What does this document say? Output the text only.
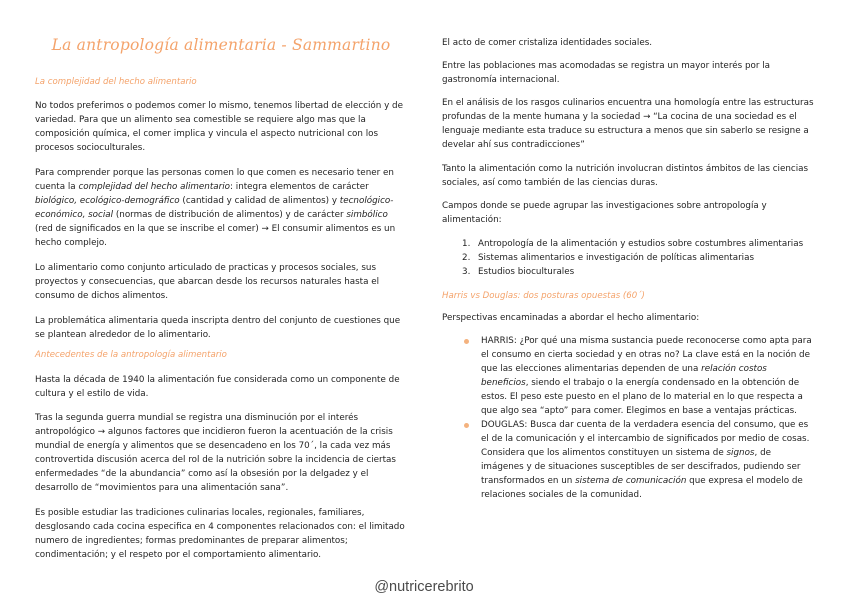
La antropología alimentaria - Sammartino

La complejidad del hecho alimentario

No todos preferimos o podemos comer lo mismo, tenemos libertad de elección y de variedad. Para que un alimento sea comestible se requiere algo mas que la composición química, el comer implica y vincula el aspecto nutricional con los procesos socioculturales.

Para comprender porque las personas comen lo que comen es necesario tener en cuenta la complejidad del hecho alimentario: integra elementos de carácter biológico, ecológico-demográfico (cantidad y calidad de alimentos) y tecnológico-económico, social (normas de distribución de alimentos) y de carácter simbólico (red de significados en la que se inscribe el comer) → El consumir alimentos es un hecho complejo.

Lo alimentario como conjunto articulado de practicas y procesos sociales, sus proyectos y consecuencias, que abarcan desde los recursos naturales hasta el consumo de dichos alimentos.

La problemática alimentaria queda inscripta dentro del conjunto de cuestiones que se plantean alrededor de lo alimentario.

Antecedentes de la antropología alimentario

Hasta la década de 1940 la alimentación fue considerada como un componente de cultura y el estilo de vida.

Tras la segunda guerra mundial se registra una disminución por el interés antropológico → algunos factores que incidieron fueron la acentuación de la crisis mundial de energía y alimentos que se desencadeno en los 70´, la cada vez más controvertida discusión acerca del rol de la nutrición sobre la incidencia de ciertas enfermedades “de la abundancia” como así la obsesión por la delgadez y el desarrollo de “movimientos para una alimentación sana”.

Es posible estudiar las tradiciones culinarias locales, regionales, familiares, desglosando cada cocina especifica en 4 componentes relacionados con: el limitado numero de ingredientes; formas predominantes de preparar alimentos; condimentación; y el respeto por el comportamiento alimentario.

El acto de comer cristaliza identidades sociales.

Entre las poblaciones mas acomodadas se registra un mayor interés por la gastronomía internacional.

En el análisis de los rasgos culinarios encuentra una homología entre las estructuras profundas de la mente humana y la sociedad → “La cocina de una sociedad es el lenguaje mediante esta traduce su estructura a menos que sin saberlo se resigne a develar ahí sus contradicciones”

Tanto la alimentación como la nutrición involucran distintos ámbitos de las ciencias sociales, así como también de las ciencias duras.

Campos donde se puede agrupar las investigaciones sobre antropología y alimentación:

1. Antropología de la alimentación y estudios sobre costumbres alimentarias
2. Sistemas alimentarios e investigación de políticas alimentarias
3. Estudios bioculturales

Harris vs Douglas: dos posturas opuestas (60´)

Perspectivas encaminadas a abordar el hecho alimentario:

HARRIS: ¿Por qué una misma sustancia puede reconocerse como apta para el consumo en cierta sociedad y en otras no? La clave está en la noción de que las elecciones alimentarias dependen de una relación costos beneficios, siendo el trabajo o la energía condensado en la obtención de estos. El peso este puesto en el plano de lo material en lo que respecta a que algo sea “apto” para comer. Elegimos en base a ventajas prácticas.
DOUGLAS: Busca dar cuenta de la verdadera esencia del consumo, que es el de la comunicación y el intercambio de significados por medio de cosas. Considera que los alimentos constituyen un sistema de signos, de imágenes y de situaciones susceptibles de ser descifrados, pudiendo ser transformados en un sistema de comunicación que expresa el modelo de relaciones sociales de la comunidad.
@nutricerebrito
